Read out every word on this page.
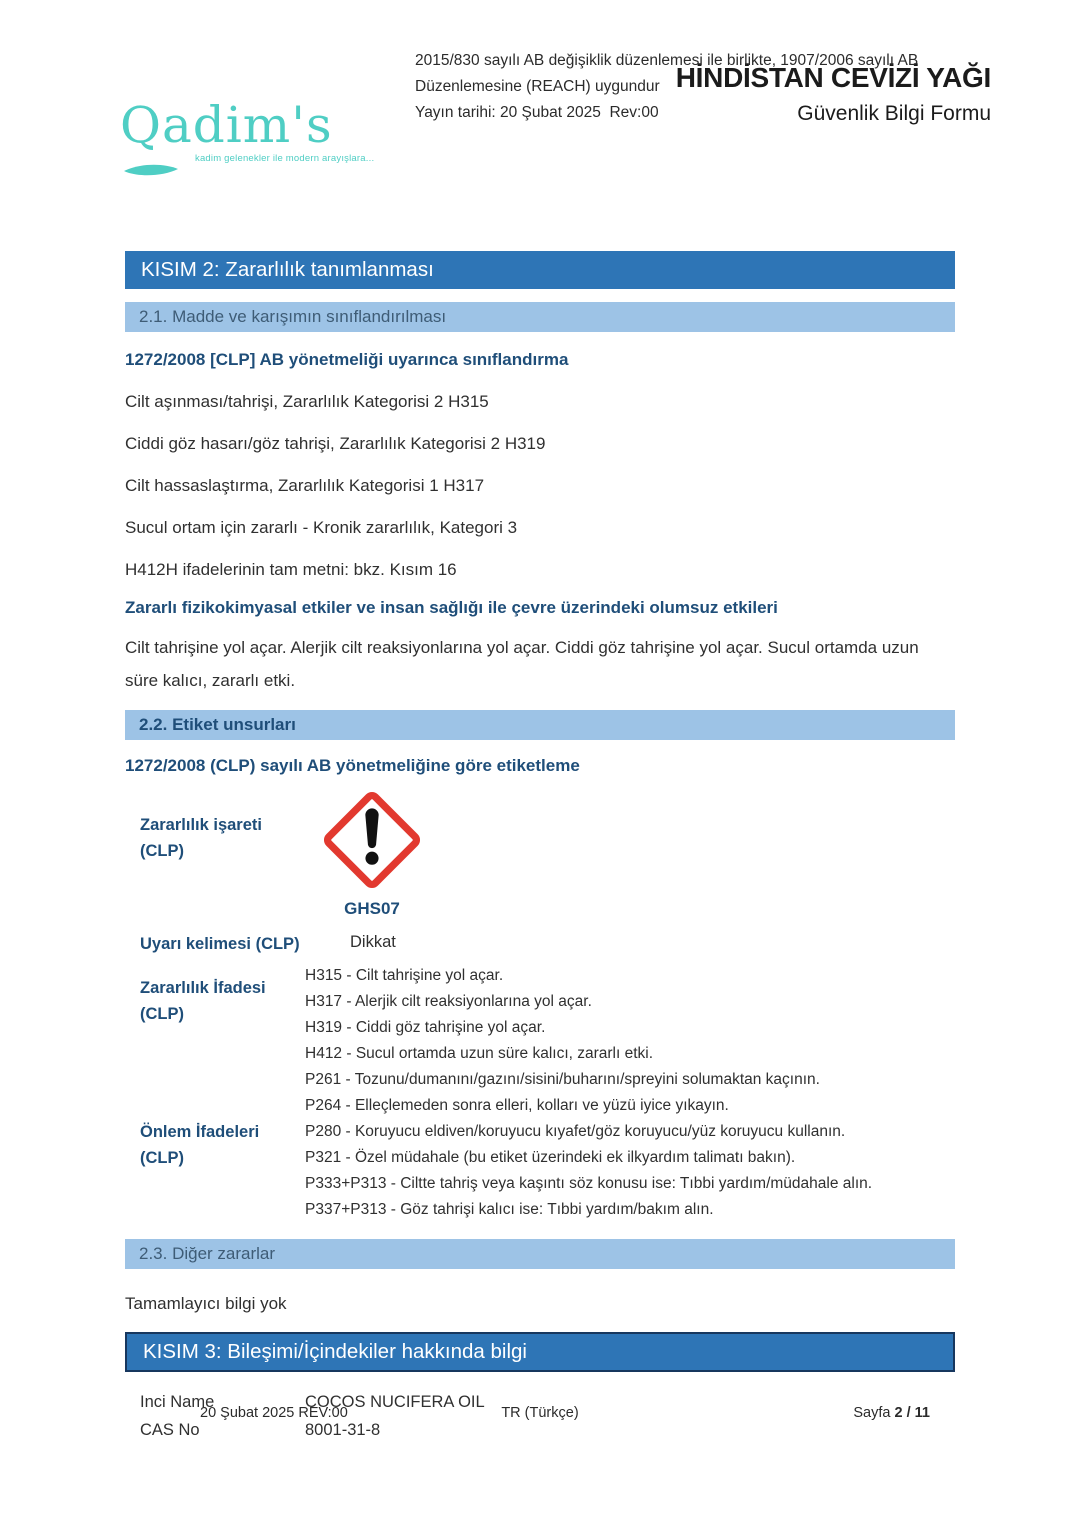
Qadim's
kadim gelenekler ile modern arayışlara...
HİNDİSTAN CEVİZİ YAĞI
Güvenlik Bilgi Formu
2015/830 sayılı AB değişiklik düzenlemesi ile birlikte, 1907/2006 sayılı AB
Düzenlemesine (REACH) uygundur
Yayın tarihi: 20 Şubat 2025  Rev:00
KISIM 2: Zararlılık tanımlanması
2.1. Madde ve karışımın sınıflandırılması
1272/2008 [CLP] AB yönetmeliği uyarınca sınıflandırma

Cilt aşınması/tahrişi, Zararlılık Kategorisi 2 H315

Ciddi göz hasarı/göz tahrişi, Zararlılık Kategorisi 2 H319

Cilt hassaslaştırma, Zararlılık Kategorisi 1 H317

Sucul ortam için zararlı - Kronik zararlılık, Kategori 3

H412H ifadelerinin tam metni: bkz. Kısım 16

Zararlı fizikokimyasal etkiler ve insan sağlığı ile çevre üzerindeki olumsuz etkileri

Cilt tahrişine yol açar. Alerjik cilt reaksiyonlarına yol açar. Ciddi göz tahrişine yol açar. Sucul ortamda uzun süre kalıcı, zararlı etki.

2.2. Etiket unsurları
1272/2008 (CLP) sayılı AB yönetmeliğine göre etiketleme
Zararlılık işareti (CLP)
GHS07
Uyarı kelimesi (CLP)	Dikkat
Zararlılık İfadesi (CLP)
H315 - Cilt tahrişine yol açar.
H317 - Alerjik cilt reaksiyonlarına yol açar.
H319 - Ciddi göz tahrişine yol açar.
H412 - Sucul ortamda uzun süre kalıcı, zararlı etki.
Önlem İfadeleri (CLP)
P261 - Tozunu/dumanını/gazını/sisini/buharını/spreyini solumaktan kaçının.
P264 - Elleçlemeden sonra elleri, kolları ve yüzü iyice yıkayın.
P280 - Koruyucu eldiven/koruyucu kıyafet/göz koruyucu/yüz koruyucu kullanın.
P321 - Özel müdahale (bu etiket üzerindeki ek ilkyardım talimatı bakın).
P333+P313 - Ciltte tahriş veya kaşıntı söz konusu ise: Tıbbi yardım/müdahale alın.
P337+P313 - Göz tahrişi kalıcı ise: Tıbbi yardım/bakım alın.
2.3. Diğer zararlar

Tamamlayıcı bilgi yok

KISIM 3: Bileşimi/İçindekiler hakkında bilgi
Inci Name	COCOS NUCIFERA OIL
CAS No	8001-31-8
20 Şubat 2025 REV:00	TR (Türkçe)	Sayfa 2 / 11
